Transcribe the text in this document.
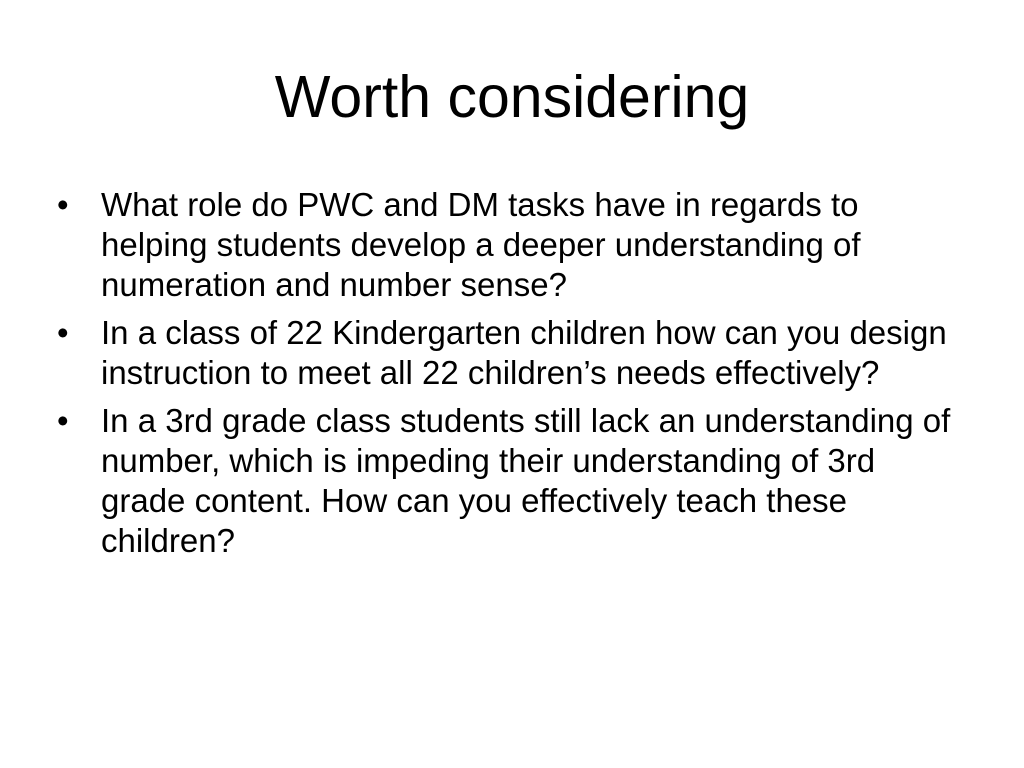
Worth considering
• What role do PWC and DM tasks have in regards to helping students develop a deeper understanding of numeration and number sense?
• In a class of 22 Kindergarten children how can you design instruction to meet all 22 children’s needs effectively?
• In a 3rd grade class students still lack an understanding of number, which is impeding their understanding of 3rd grade content. How can you effectively teach these children?
